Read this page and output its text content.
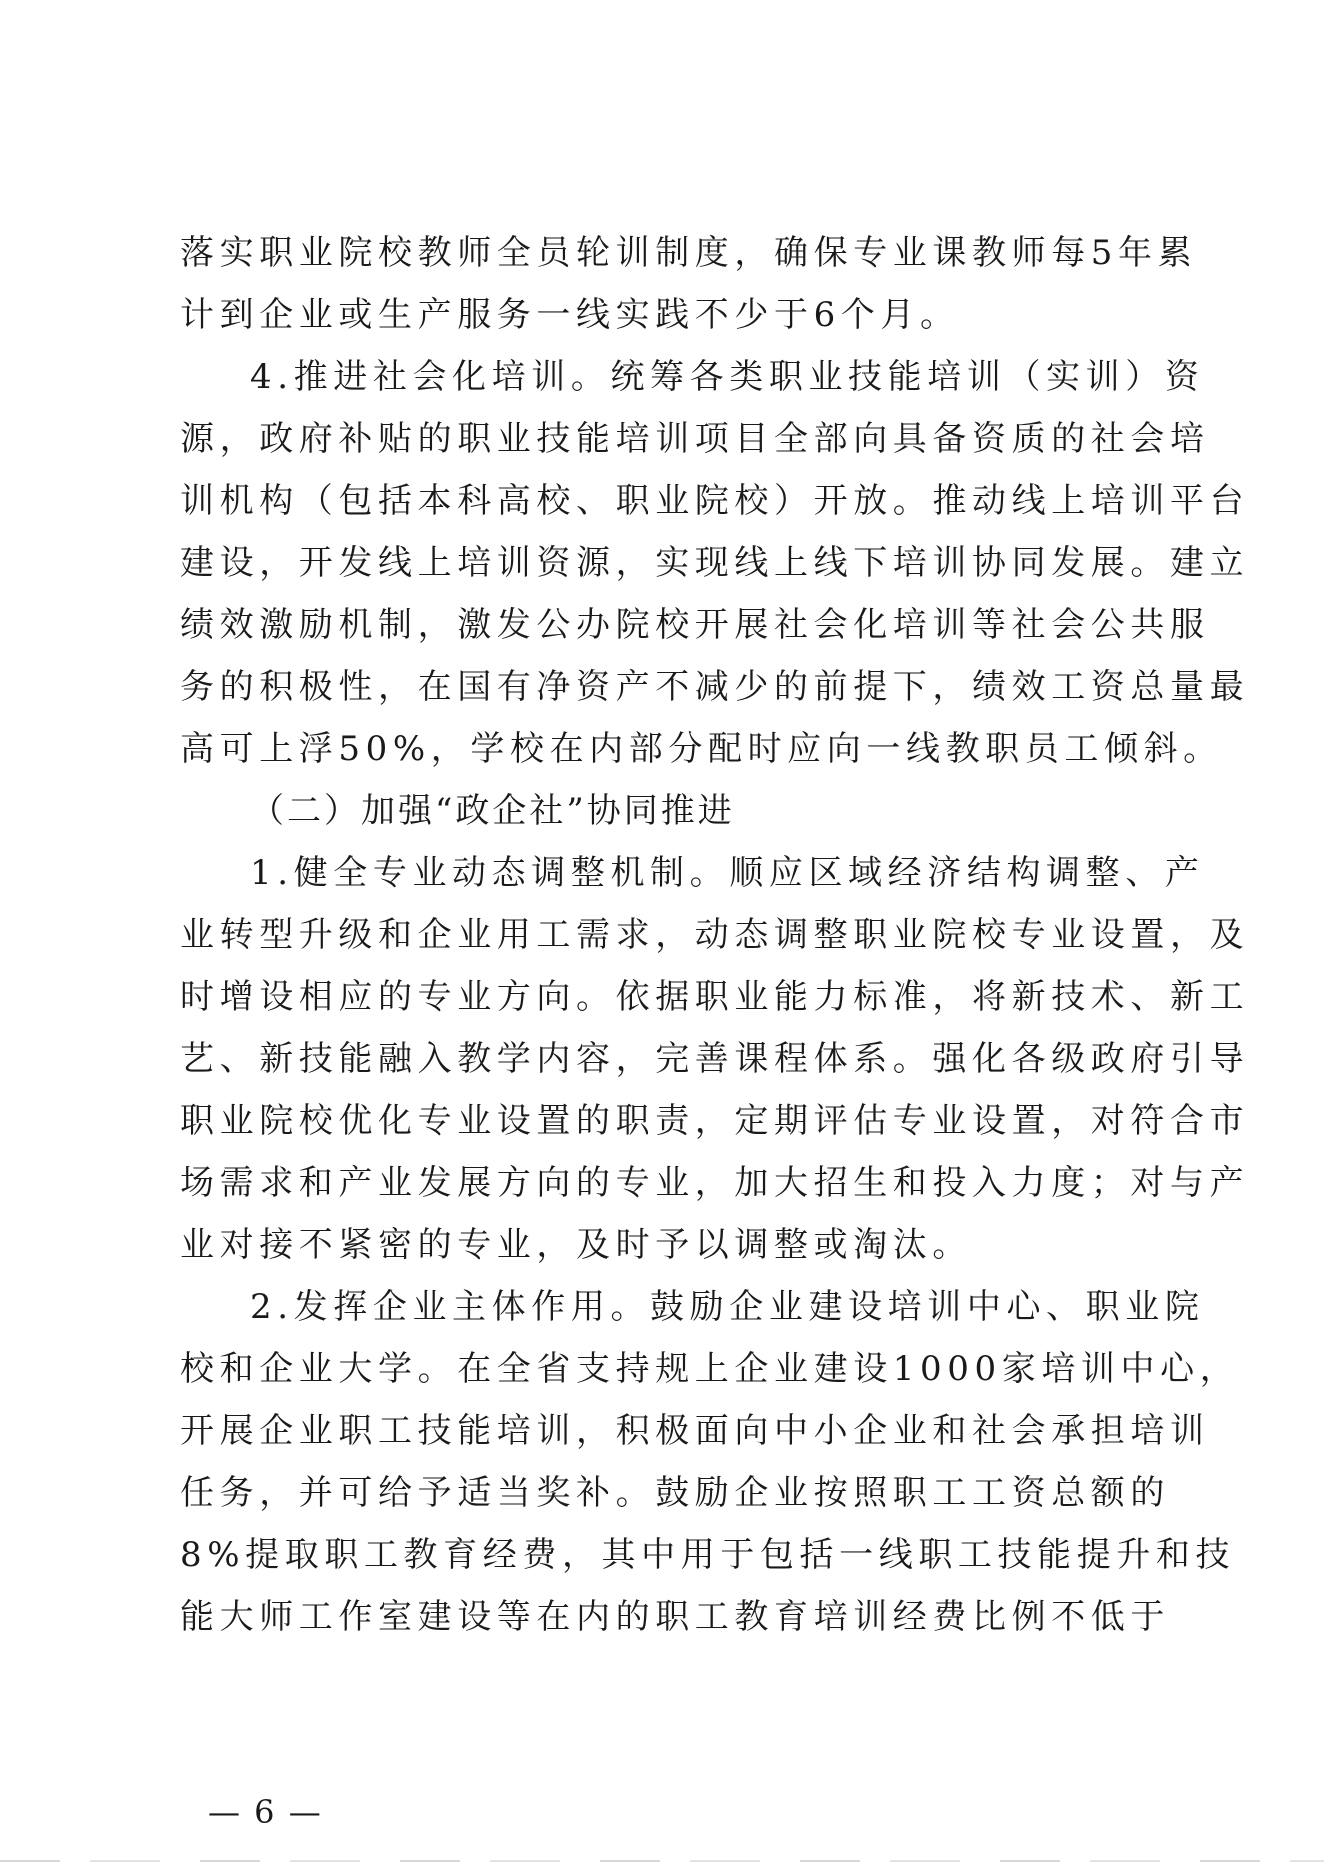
落实职业院校教师全员轮训制度，确保专业课教师每5年累
计到企业或生产服务一线实践不少于6个月。
4.推进社会化培训。统筹各类职业技能培训（实训）资
源，政府补贴的职业技能培训项目全部向具备资质的社会培
训机构（包括本科高校、职业院校）开放。推动线上培训平台
建设，开发线上培训资源，实现线上线下培训协同发展。建立
绩效激励机制，激发公办院校开展社会化培训等社会公共服
务的积极性，在国有净资产不减少的前提下，绩效工资总量最
高可上浮50%，学校在内部分配时应向一线教职员工倾斜。
（二）加强“政企社”协同推进
1.健全专业动态调整机制。顺应区域经济结构调整、产
业转型升级和企业用工需求，动态调整职业院校专业设置，及
时增设相应的专业方向。依据职业能力标准，将新技术、新工
艺、新技能融入教学内容，完善课程体系。强化各级政府引导
职业院校优化专业设置的职责，定期评估专业设置，对符合市
场需求和产业发展方向的专业，加大招生和投入力度；对与产
业对接不紧密的专业，及时予以调整或淘汰。
2.发挥企业主体作用。鼓励企业建设培训中心、职业院
校和企业大学。在全省支持规上企业建设1000家培训中心，
开展企业职工技能培训，积极面向中小企业和社会承担培训
任务，并可给予适当奖补。鼓励企业按照职工工资总额的
8%提取职工教育经费，其中用于包括一线职工技能提升和技
能大师工作室建设等在内的职工教育培训经费比例不低于
— 6 —
